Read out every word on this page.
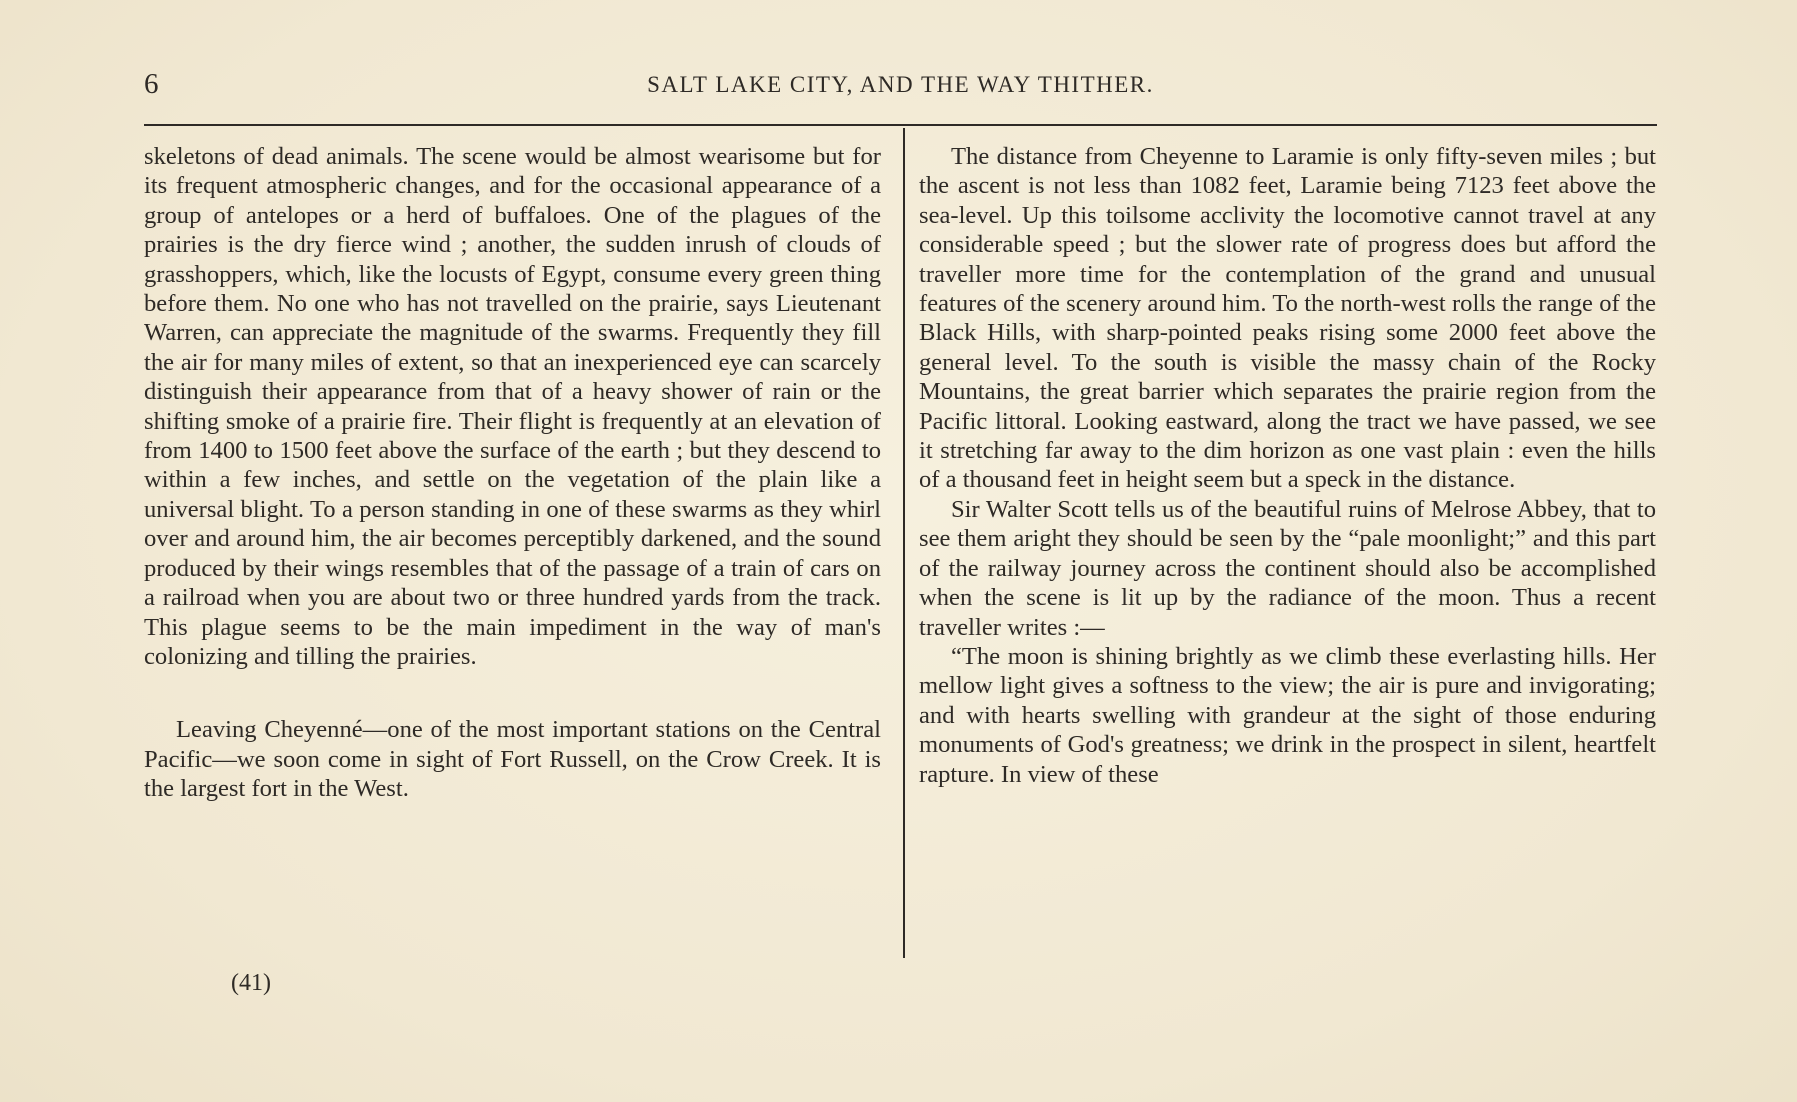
6	SALT LAKE CITY, AND THE WAY THITHER.

skeletons of dead animals. The scene would be almost wearisome but for its frequent atmospheric changes, and for the occasional appearance of a group of antelopes or a herd of buffaloes. One of the plagues of the prairies is the dry fierce wind ; another, the sudden inrush of clouds of grasshoppers, which, like the locusts of Egypt, consume every green thing before them. No one who has not travelled on the prairie, says Lieutenant Warren, can appreciate the magnitude of the swarms. Frequently they fill the air for many miles of extent, so that an inexperienced eye can scarcely distinguish their appearance from that of a heavy shower of rain or the shifting smoke of a prairie fire. Their flight is frequently at an elevation of from 1400 to 1500 feet above the surface of the earth ; but they descend to within a few inches, and settle on the vegetation of the plain like a universal blight. To a person standing in one of these swarms as they whirl over and around him, the air becomes perceptibly darkened, and the sound produced by their wings resembles that of the passage of a train of cars on a railroad when you are about two or three hundred yards from the track. This plague seems to be the main impediment in the way of man's colonizing and tilling the prairies.

Leaving Cheyenné—one of the most important stations on the Central Pacific—we soon come in sight of Fort Russell, on the Crow Creek. It is the largest fort in the West.

The distance from Cheyenne to Laramie is only fifty-seven miles ; but the ascent is not less than 1082 feet, Laramie being 7123 feet above the sea-level. Up this toilsome acclivity the locomotive cannot travel at any considerable speed ; but the slower rate of progress does but afford the traveller more time for the contemplation of the grand and unusual features of the scenery around him. To the north-west rolls the range of the Black Hills, with sharp-pointed peaks rising some 2000 feet above the general level. To the south is visible the massy chain of the Rocky Mountains, the great barrier which separates the prairie region from the Pacific littoral. Looking eastward, along the tract we have passed, we see it stretching far away to the dim horizon as one vast plain : even the hills of a thousand feet in height seem but a speck in the distance.

Sir Walter Scott tells us of the beautiful ruins of Melrose Abbey, that to see them aright they should be seen by the “pale moonlight;” and this part of the railway journey across the continent should also be accomplished when the scene is lit up by the radiance of the moon. Thus a recent traveller writes :—

“The moon is shining brightly as we climb these everlasting hills. Her mellow light gives a softness to the view; the air is pure and invigorating; and with hearts swelling with grandeur at the sight of those enduring monuments of God's greatness; we drink in the prospect in silent, heartfelt rapture. In view of these

(41)
